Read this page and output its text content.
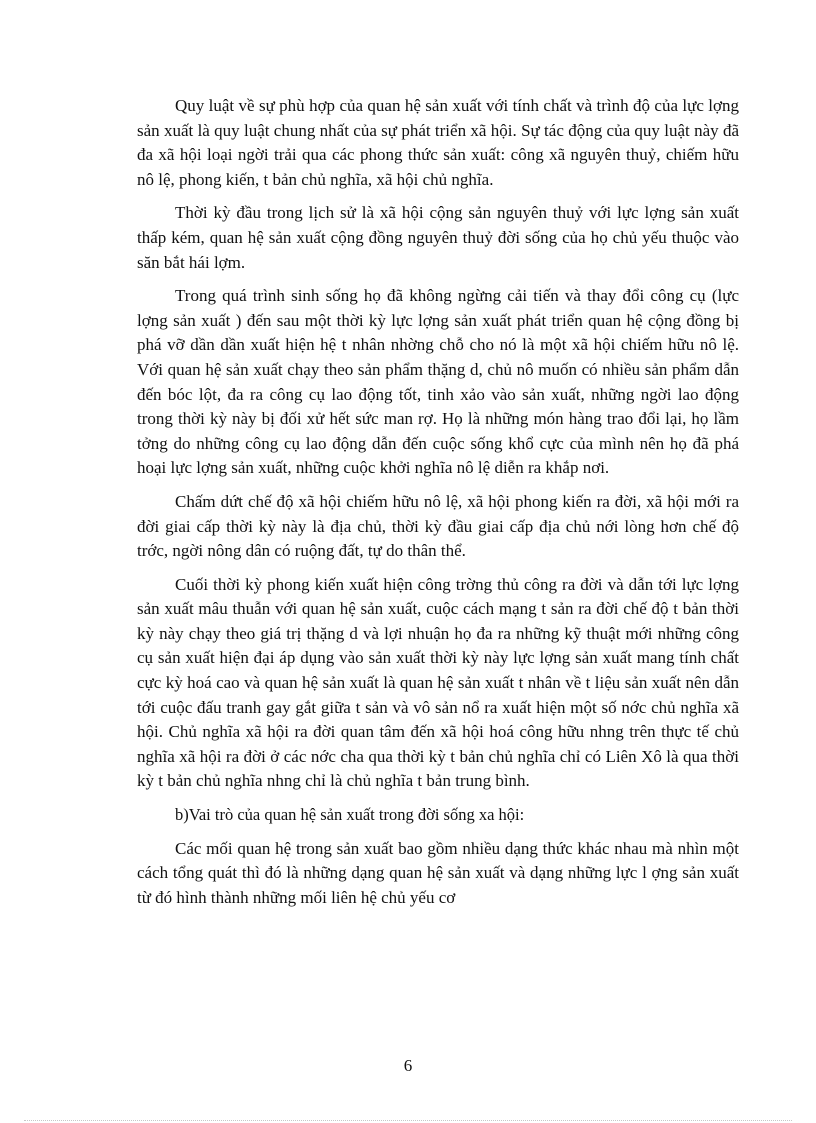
Quy luật về sự phù hợp của quan hệ sản xuất với tính chất và trình độ của lực lợng sản xuất là quy luật chung nhất của sự phát triển xã hội. Sự tác động của quy luật này đã đa xã hội loại ngời trải qua các phong thức sản xuất: công xã nguyên thuỷ, chiếm hữu nô lệ, phong kiến, t bản chủ nghĩa, xã hội chủ nghĩa.

Thời kỳ đầu trong lịch sử là xã hội cộng sản nguyên thuỷ với lực lợng sản xuất thấp kém, quan hệ sản xuất cộng đồng nguyên thuỷ đời sống của họ chủ yếu thuộc vào săn bắt hái lợm.

Trong quá trình sinh sống họ đã không ngừng cải tiến và thay đổi công cụ (lực lợng sản xuất ) đến sau một thời kỳ lực lợng sản xuất phát triển quan hệ cộng đồng bị phá vỡ dần dần xuất hiện hệ t nhân nhờng chỗ cho nó là một xã hội chiếm hữu nô lệ. Với quan hệ sản xuất chạy theo sản phẩm thặng d, chủ nô muốn có nhiều sản phẩm dẫn đến bóc lột, đa ra công cụ lao động tốt, tinh xảo vào sản xuất, những ngời lao động trong thời kỳ này bị đối xử hết sức man rợ. Họ là những món hàng trao đổi lại, họ lầm tởng do những công cụ lao động dẫn đến cuộc sống khổ cực của mình nên họ đã phá hoại lực lợng sản xuất, những cuộc khởi nghĩa nô lệ diễn ra khắp nơi.

Chấm dứt chế độ xã hội chiếm hữu nô lệ, xã hội phong kiến ra đời, xã hội mới ra đời giai cấp thời kỳ này là địa chủ, thời kỳ đầu giai cấp địa chủ nới lòng hơn chế độ trớc, ngời nông dân có ruộng đất, tự do thân thể.

Cuối thời kỳ phong kiến xuất hiện công trờng thủ công ra đời và dẫn tới lực lợng sản xuất mâu thuẫn với quan hệ sản xuất, cuộc cách mạng t sản ra đời chế độ t bản thời kỳ này chạy theo giá trị thặng d và lợi nhuận họ đa ra những kỹ thuật mới những công cụ sản xuất hiện đại áp dụng vào sản xuất thời kỳ này lực lợng sản xuất mang tính chất cực kỳ hoá cao và quan hệ sản xuất là quan hệ sản xuất t nhân về t liệu sản xuất nên dẫn tới cuộc đấu tranh gay gắt giữa t sản và vô sản nổ ra xuất hiện một số nớc chủ nghĩa xã hội. Chủ nghĩa xã hội ra đời quan tâm đến xã hội hoá công hữu nhng trên thực tế chủ nghĩa xã hội ra đời ở các nớc cha qua thời kỳ t bản chủ nghĩa chỉ có Liên Xô là qua thời kỳ t bản chủ nghĩa nhng chỉ là chủ nghĩa t bản trung bình.

b)Vai trò của quan hệ sản xuất trong đời sống xa hội:

Các mối quan hệ trong sản xuất bao gồm nhiều dạng thức khác nhau mà nhìn một cách tổng quát thì đó là những dạng quan hệ sản xuất và dạng những lực l ợng sản xuất từ đó hình thành những mối liên hệ chủ yếu cơ

6
